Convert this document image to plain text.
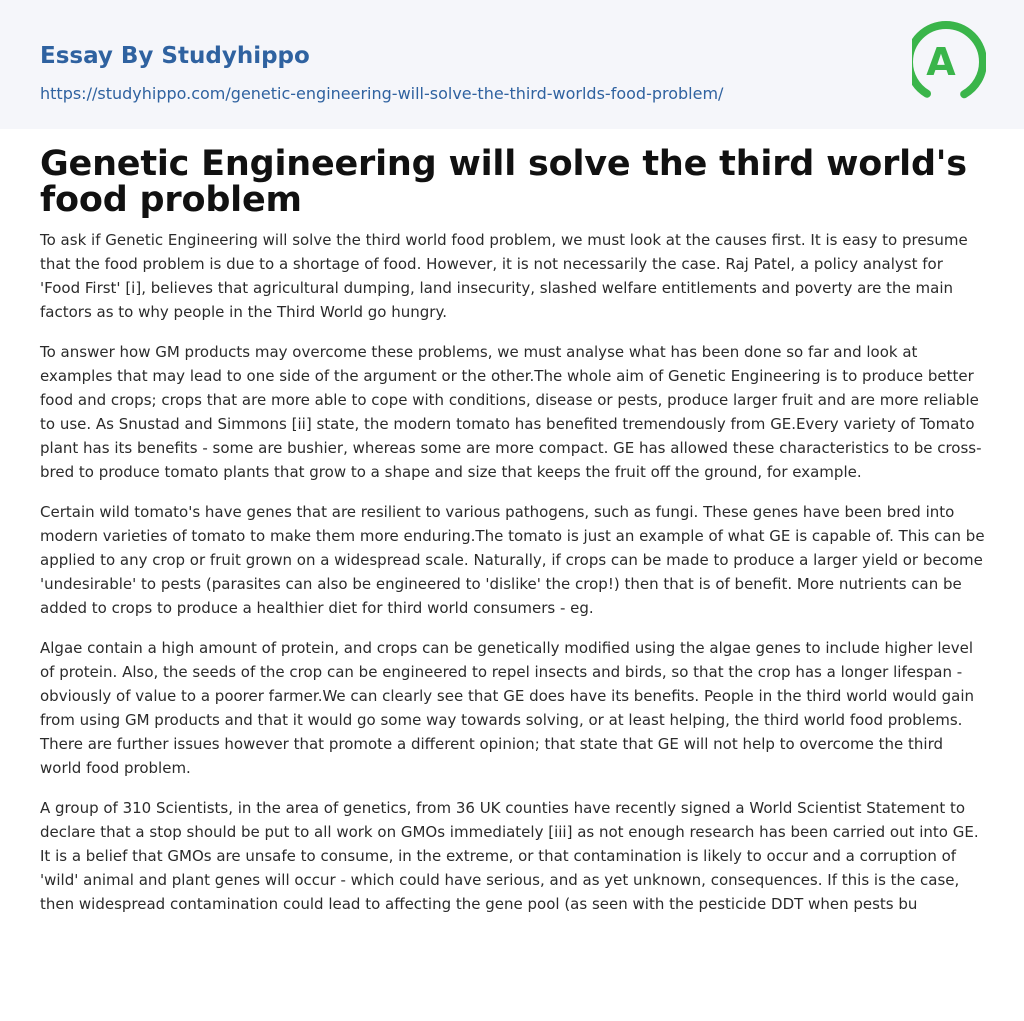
Essay By Studyhippo
https://studyhippo.com/genetic-engineering-will-solve-the-third-worlds-food-problem/
A
Genetic Engineering will solve the third world's food problem

To ask if Genetic Engineering will solve the third world food problem, we must look at the causes first. It is easy to presume that the food problem is due to a shortage of food. However, it is not necessarily the case. Raj Patel, a policy analyst for 'Food First' [i], believes that agricultural dumping, land insecurity, slashed welfare entitlements and poverty are the main factors as to why people in the Third World go hungry.

To answer how GM products may overcome these problems, we must analyse what has been done so far and look at examples that may lead to one side of the argument or the other.The whole aim of Genetic Engineering is to produce better food and crops; crops that are more able to cope with conditions, disease or pests, produce larger fruit and are more reliable to use. As Snustad and Simmons [ii] state, the modern tomato has benefited tremendously from GE.Every variety of Tomato plant has its benefits - some are bushier, whereas some are more compact. GE has allowed these characteristics to be cross-bred to produce tomato plants that grow to a shape and size that keeps the fruit off the ground, for example.

Certain wild tomato's have genes that are resilient to various pathogens, such as fungi. These genes have been bred into modern varieties of tomato to make them more enduring.The tomato is just an example of what GE is capable of. This can be applied to any crop or fruit grown on a widespread scale. Naturally, if crops can be made to produce a larger yield or become 'undesirable' to pests (parasites can also be engineered to 'dislike' the crop!) then that is of benefit. More nutrients can be added to crops to produce a healthier diet for third world consumers - eg.

Algae contain a high amount of protein, and crops can be genetically modified using the algae genes to include higher level of protein. Also, the seeds of the crop can be engineered to repel insects and birds, so that the crop has a longer lifespan - obviously of value to a poorer farmer.We can clearly see that GE does have its benefits. People in the third world would gain from using GM products and that it would go some way towards solving, or at least helping, the third world food problems. There are further issues however that promote a different opinion; that state that GE will not help to overcome the third world food problem.

A group of 310 Scientists, in the area of genetics, from 36 UK counties have recently signed a World Scientist Statement to declare that a stop should be put to all work on GMOs immediately [iii] as not enough research has been carried out into GE. It is a belief that GMOs are unsafe to consume, in the extreme, or that contamination is likely to occur and a corruption of 'wild' animal and plant genes will occur - which could have serious, and as yet unknown, consequences. If this is the case, then widespread contamination could lead to affecting the gene pool (as seen with the pesticide DDT when pests bu
